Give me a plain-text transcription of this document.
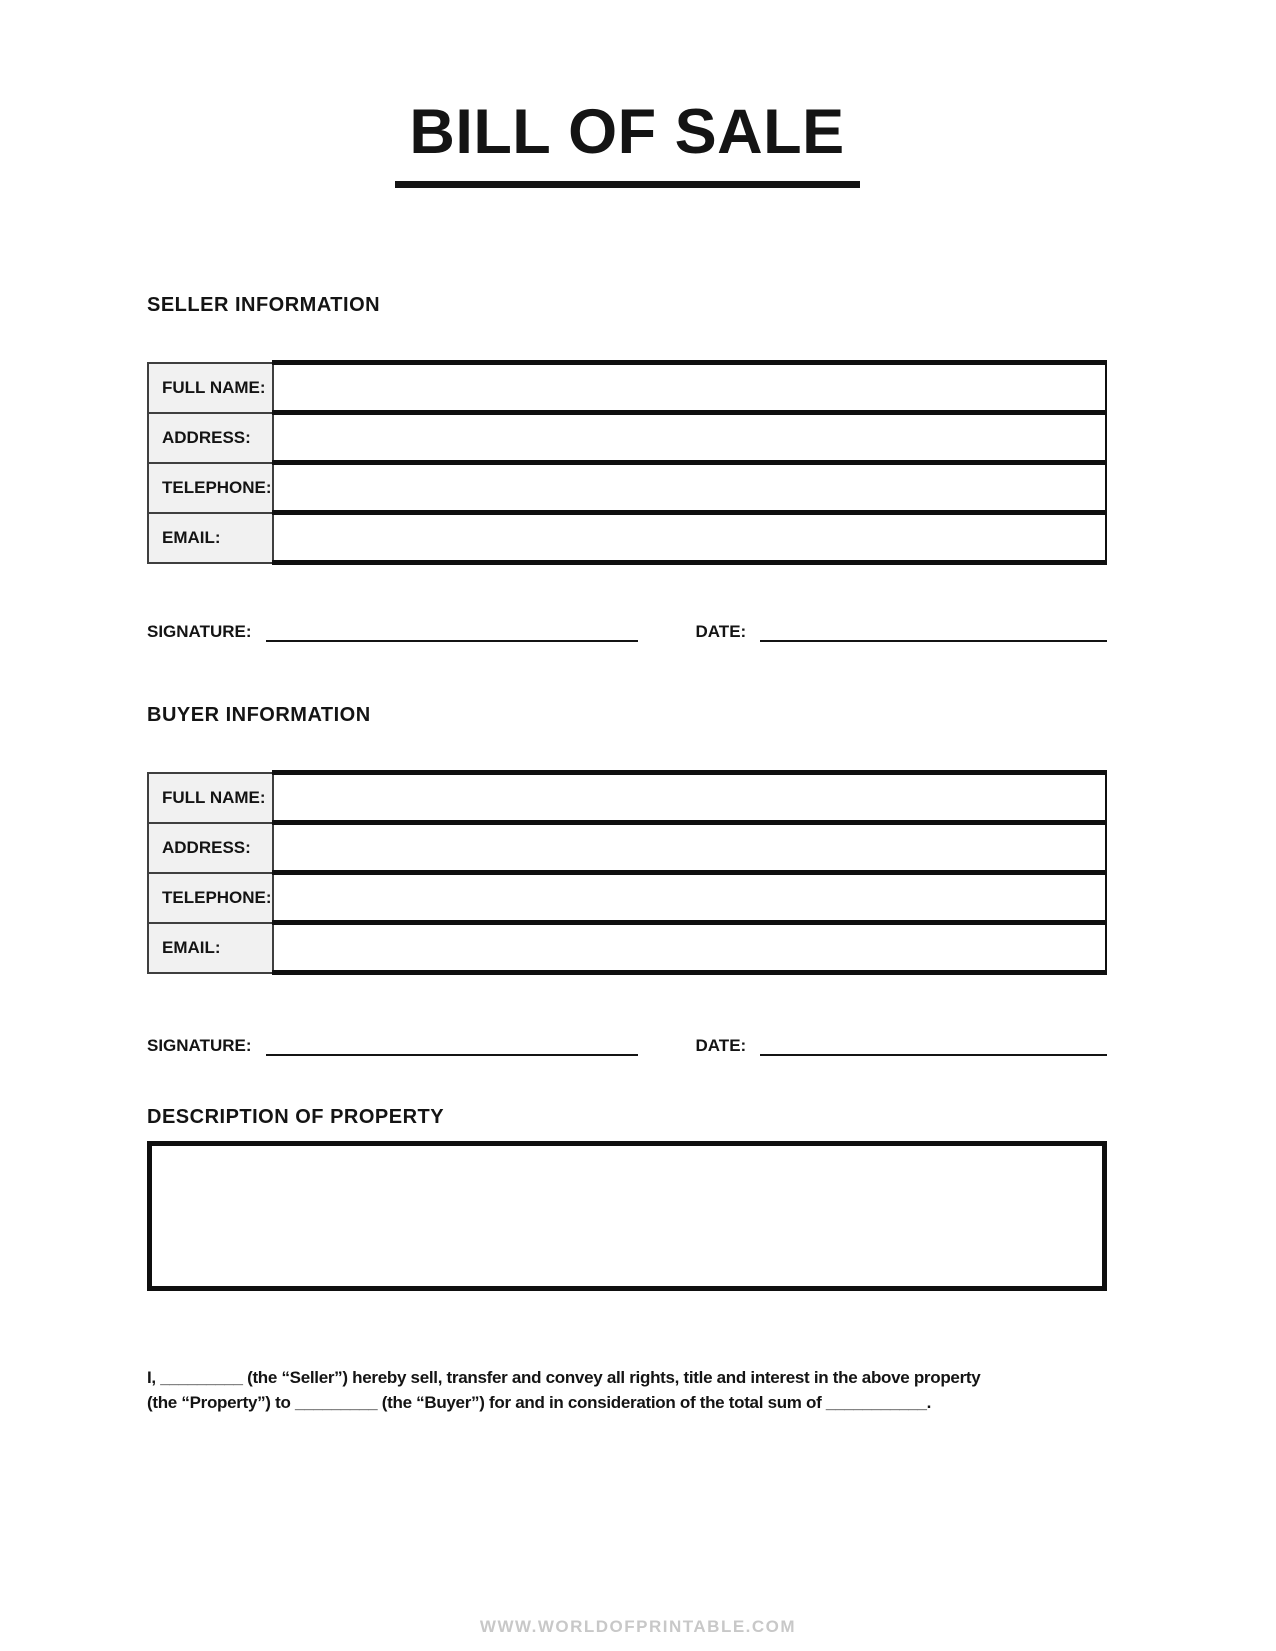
BILL OF SALE
SELLER INFORMATION
FULL NAME:	
ADDRESS:	
TELEPHONE:	
EMAIL:	
SIGNATURE:	DATE:
BUYER INFORMATION
FULL NAME:	
ADDRESS:	
TELEPHONE:	
EMAIL:	
SIGNATURE:	DATE:
DESCRIPTION OF PROPERTY
I, _________ (the “Seller”) hereby sell, transfer and convey all rights, title and interest in the above property
(the “Property”) to _________ (the “Buyer”) for and in consideration of the total sum of ___________.
WWW.WORLDOFPRINTABLE.COM
